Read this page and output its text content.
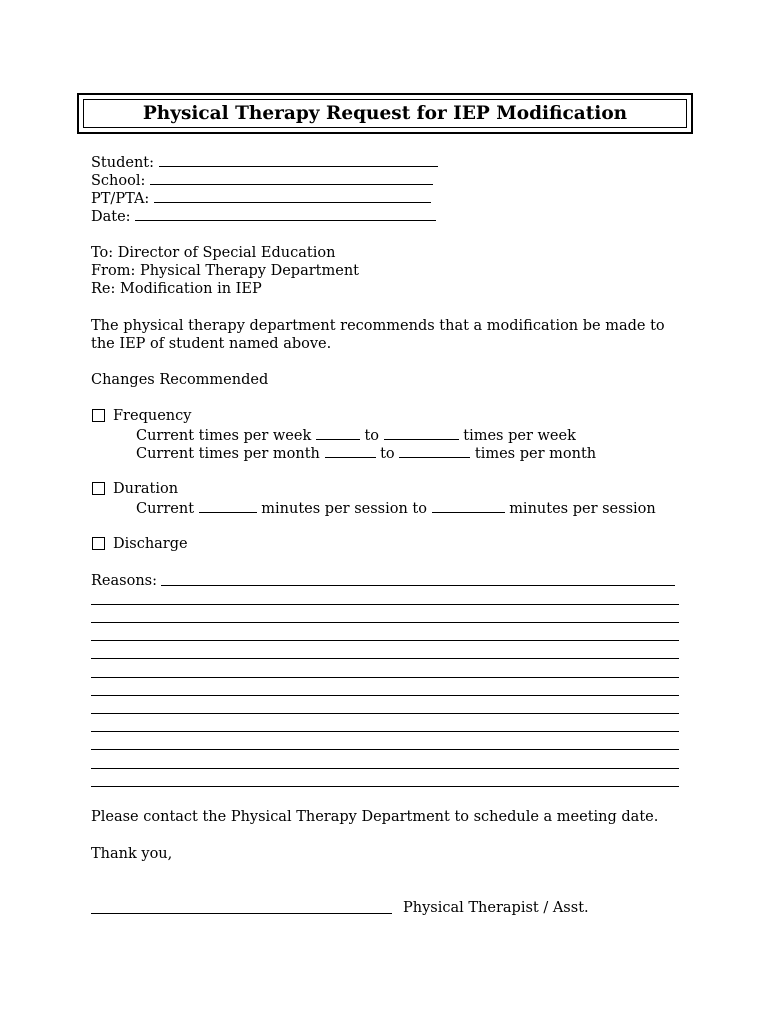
Physical Therapy Request for IEP Modification
Student:
School:
PT/PTA:
Date:
To: Director of Special Education
From: Physical Therapy Department
Re: Modification in IEP
The physical therapy department recommends that a modification be made to
the IEP of student named above.
Changes Recommended
Frequency
Current times per week	to	times per week
Current times per month	to	times per month
Duration
Current	minutes per session to	minutes per session
Discharge
Reasons:
Please contact the Physical Therapy Department to schedule a meeting date.
Thank you,
Physical Therapist / Asst.
